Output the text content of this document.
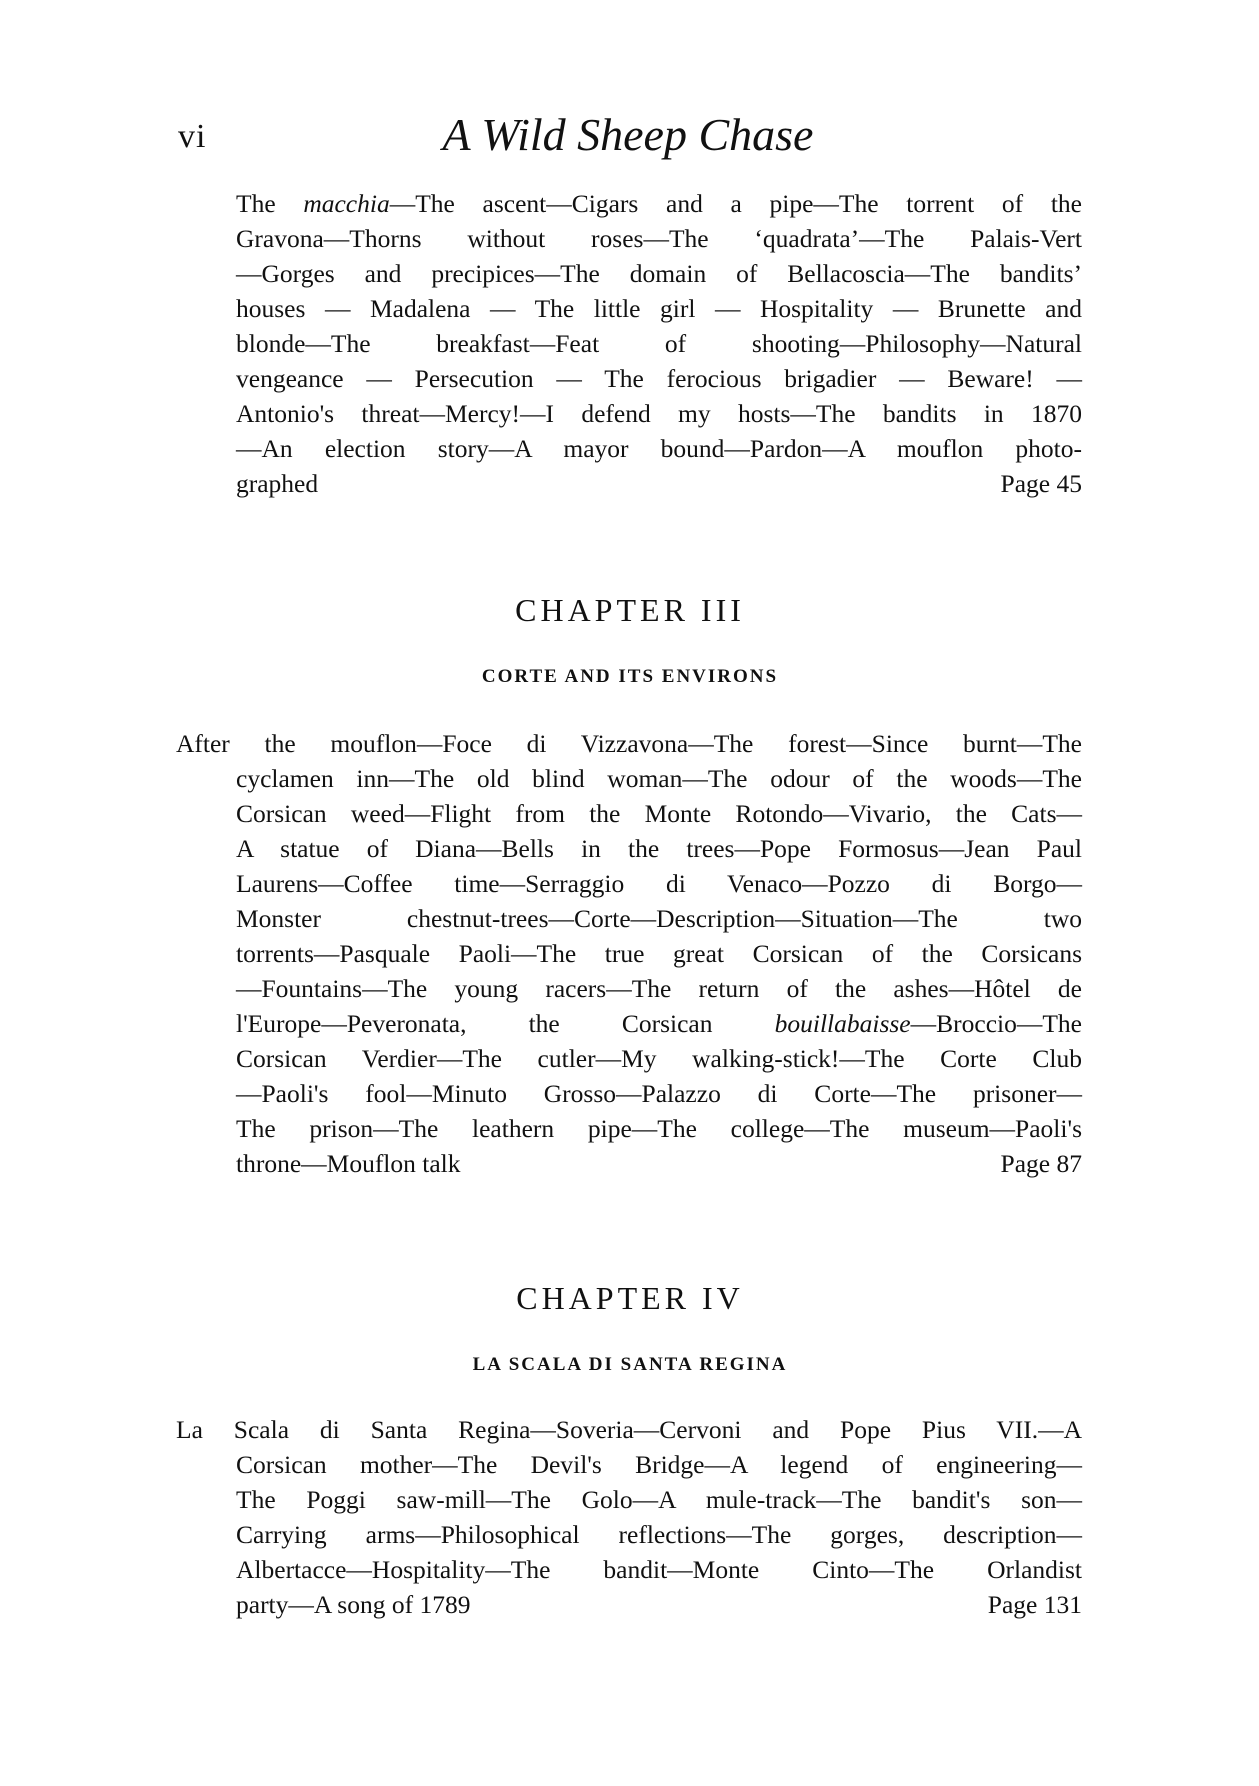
vi	A Wild Sheep Chase
The macchia—The ascent—Cigars and a pipe—The torrent of the
Gravona—Thorns without roses—The ‘quadrata’—The Palais-Vert
—Gorges and precipices—The domain of Bellacoscia—The bandits’
houses — Madalena — The little girl — Hospitality — Brunette and
blonde—The breakfast—Feat of shooting—Philosophy—Natural
vengeance — Persecution — The ferocious brigadier — Beware! —
Antonio's threat—Mercy!—I defend my hosts—The bandits in 1870
—An election story—A mayor bound—Pardon—A mouflon photo-
graphed	Page 45
CHAPTER III
CORTE AND ITS ENVIRONS
After the mouflon—Foce di Vizzavona—The forest—Since burnt—The
cyclamen inn—The old blind woman—The odour of the woods—The
Corsican weed—Flight from the Monte Rotondo—Vivario, the Cats—
A statue of Diana—Bells in the trees—Pope Formosus—Jean Paul
Laurens—Coffee time—Serraggio di Venaco—Pozzo di Borgo—
Monster chestnut-trees—Corte—Description—Situation—The two
torrents—Pasquale Paoli—The true great Corsican of the Corsicans
—Fountains—The young racers—The return of the ashes—Hôtel de
l'Europe—Peveronata, the Corsican bouillabaisse—Broccio—The
Corsican Verdier—The cutler—My walking-stick!—The Corte Club
—Paoli's fool—Minuto Grosso—Palazzo di Corte—The prisoner—
The prison—The leathern pipe—The college—The museum—Paoli's
throne—Mouflon talk	Page 87
CHAPTER IV
LA SCALA DI SANTA REGINA
La Scala di Santa Regina—Soveria—Cervoni and Pope Pius VII.—A
Corsican mother—The Devil's Bridge—A legend of engineering—
The Poggi saw-mill—The Golo—A mule-track—The bandit's son—
Carrying arms—Philosophical reflections—The gorges, description—
Albertacce—Hospitality—The bandit—Monte Cinto—The Orlandist
party—A song of 1789	Page 131
